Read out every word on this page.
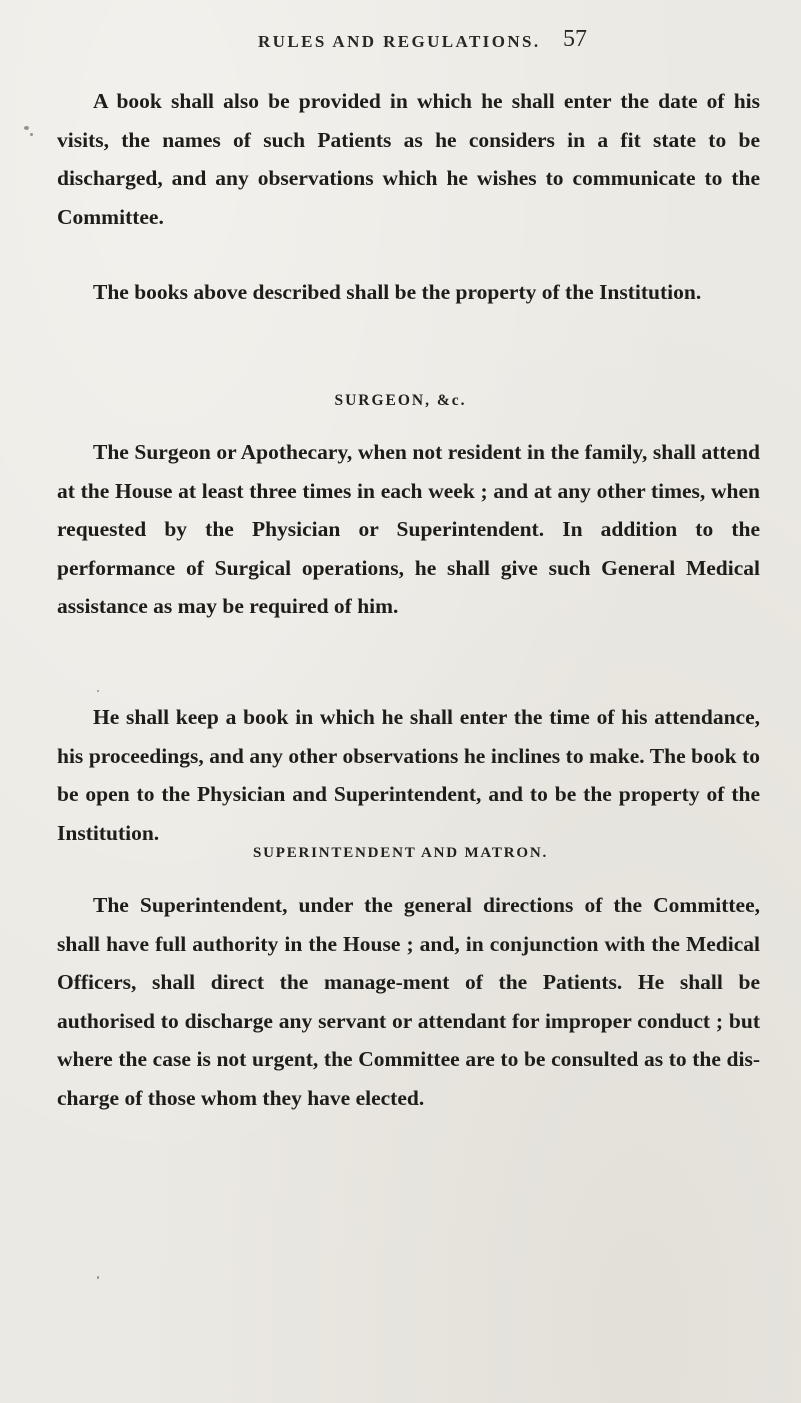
RULES AND REGULATIONS. 57

A book shall also be provided in which he shall enter the date of his visits, the names of such Patients as he considers in a fit state to be discharged, and any observations which he wishes to communicate to the Committee.

The books above described shall be the property of the Institution.

SURGEON, &c.

The Surgeon or Apothecary, when not resident in the family, shall attend at the House at least three times in each week ; and at any other times, when requested by the Physician or Superintendent. In addition to the performance of Surgical operations, he shall give such General Medical assistance as may be required of him.

He shall keep a book in which he shall enter the time of his attendance, his proceedings, and any other observations he inclines to make. The book to be open to the Physician and Superintendent, and to be the property of the Institution.

SUPERINTENDENT AND MATRON.

The Superintendent, under the general directions of the Committee, shall have full authority in the House ; and, in conjunction with the Medical Officers, shall direct the manage-ment of the Patients. He shall be authorised to discharge any servant or attendant for improper conduct ; but where the case is not urgent, the Committee are to be consulted as to the dis-charge of those whom they have elected.
